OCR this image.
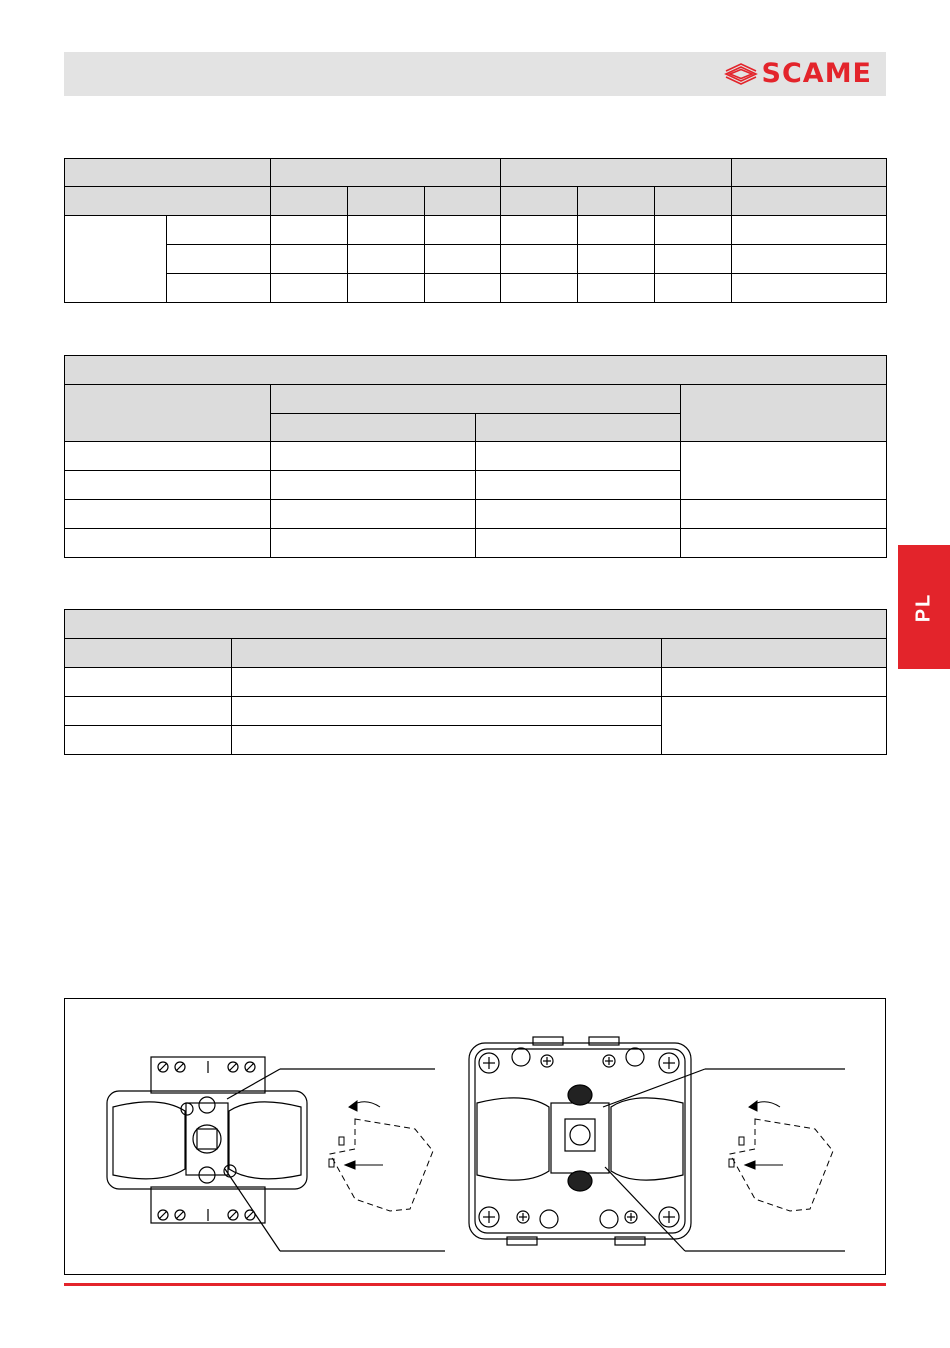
SCAME

PL
